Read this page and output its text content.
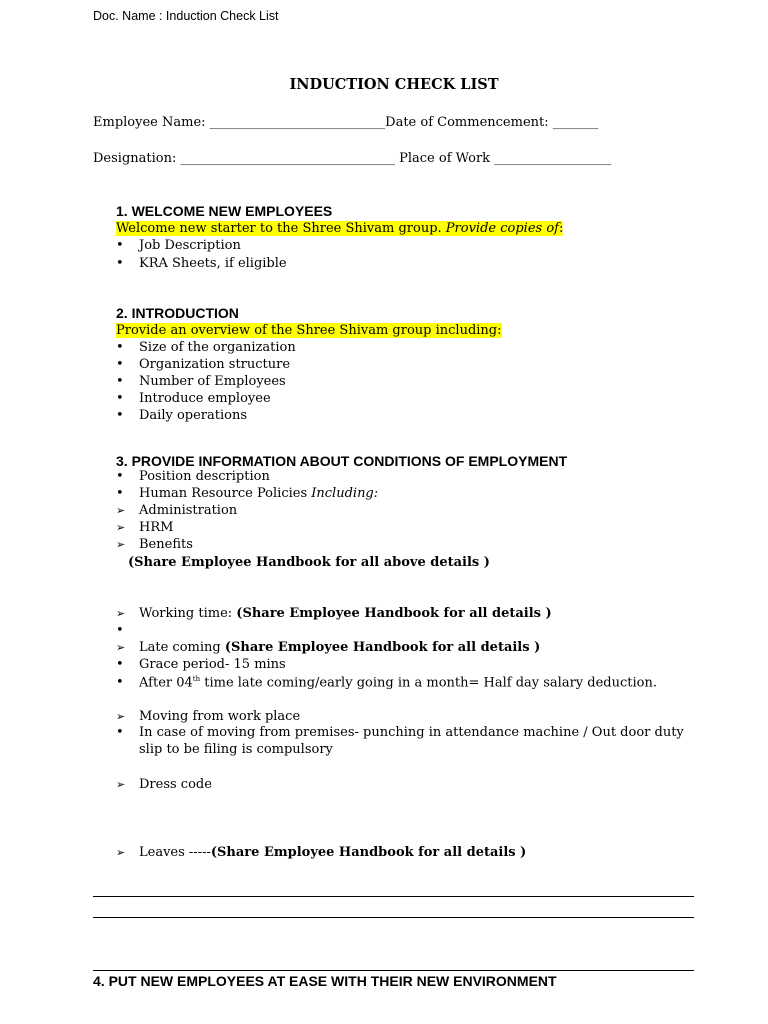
Doc. Name : Induction Check List
INDUCTION CHECK LIST
Employee Name: ___________________________Date of Commencement: _______
Designation: _________________________________ Place of Work __________________
1. WELCOME NEW EMPLOYEES
Welcome new starter to the Shree Shivam group. Provide copies of:
• Job Description
• KRA Sheets, if eligible
2. INTRODUCTION
Provide an overview of the Shree Shivam group including:
• Size of the organization
• Organization structure
• Number of Employees
• Introduce employee
• Daily operations
3. PROVIDE INFORMATION ABOUT CONDITIONS OF EMPLOYMENT
• Position description
• Human Resource Policies Including:
➢ Administration
➢ HRM
➢ Benefits
(Share Employee Handbook for all above details )
➢ Working time: (Share Employee Handbook for all details )
•
➢ Late coming (Share Employee Handbook for all details )
• Grace period- 15 mins
• After 04th time late coming/early going in a month= Half day salary deduction.
➢ Moving from work place
• In case of moving from premises- punching in attendance machine / Out door duty
slip to be filing is compulsory
➢ Dress code
➢ Leaves -----(Share Employee Handbook for all details )
4. PUT NEW EMPLOYEES AT EASE WITH THEIR NEW ENVIRONMENT
